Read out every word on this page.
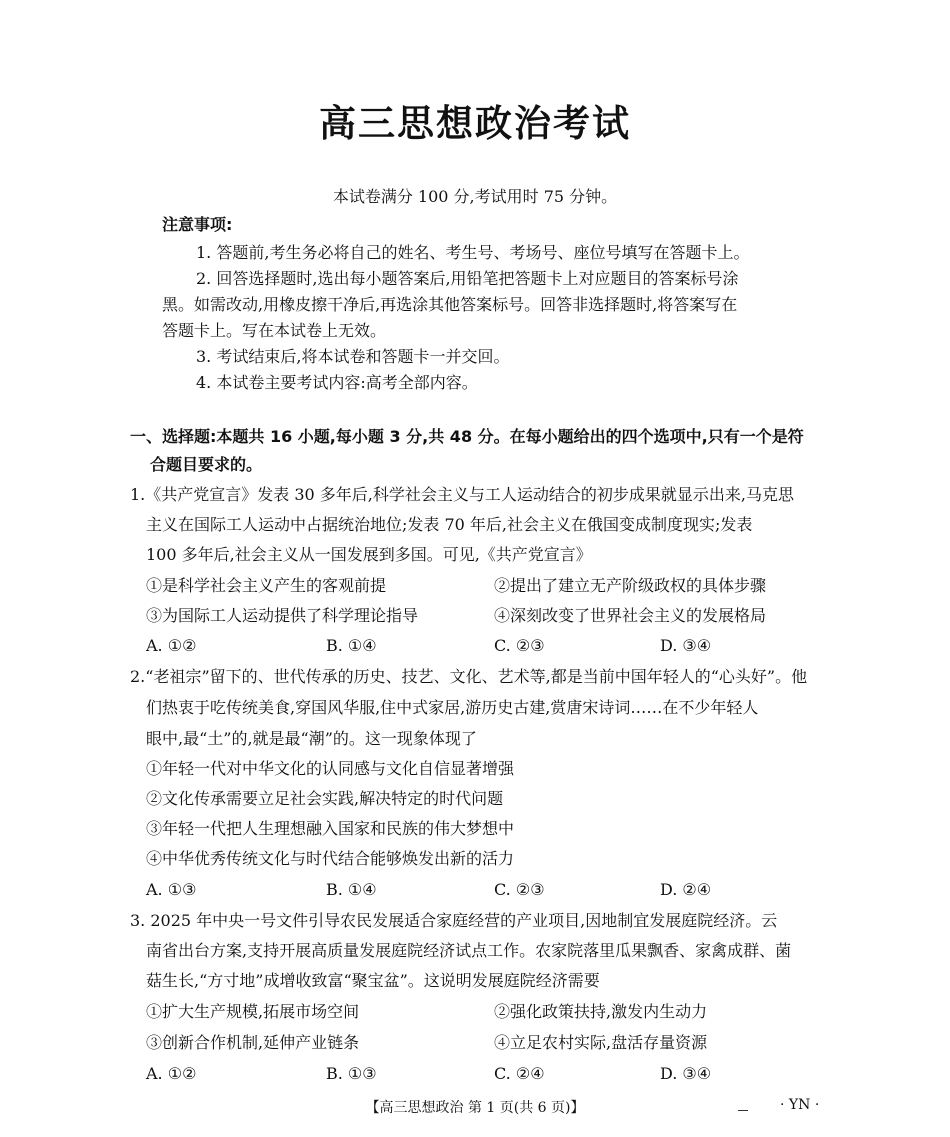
高三思想政治考试
本试卷满分 100 分,考试用时 75 分钟。
注意事项:
1. 答题前,考生务必将自己的姓名、考生号、考场号、座位号填写在答题卡上。
2. 回答选择题时,选出每小题答案后,用铅笔把答题卡上对应题目的答案标号涂
黑。如需改动,用橡皮擦干净后,再选涂其他答案标号。回答非选择题时,将答案写在
答题卡上。写在本试卷上无效。
3. 考试结束后,将本试卷和答题卡一并交回。
4. 本试卷主要考试内容:高考全部内容。
一、选择题:本题共 16 小题,每小题 3 分,共 48 分。在每小题给出的四个选项中,只有一个是符
合题目要求的。
1.《共产党宣言》发表 30 多年后,科学社会主义与工人运动结合的初步成果就显示出来,马克思
主义在国际工人运动中占据统治地位;发表 70 年后,社会主义在俄国变成制度现实;发表
100 多年后,社会主义从一国发展到多国。可见,《共产党宣言》
①是科学社会主义产生的客观前提	②提出了建立无产阶级政权的具体步骤
③为国际工人运动提供了科学理论指导	④深刻改变了世界社会主义的发展格局
A. ①②	B. ①④	C. ②③	D. ③④
2.“老祖宗”留下的、世代传承的历史、技艺、文化、艺术等,都是当前中国年轻人的“心头好”。他
们热衷于吃传统美食,穿国风华服,住中式家居,游历史古建,赏唐宋诗词……在不少年轻人
眼中,最“土”的,就是最“潮”的。这一现象体现了
①年轻一代对中华文化的认同感与文化自信显著增强
②文化传承需要立足社会实践,解决特定的时代问题
③年轻一代把人生理想融入国家和民族的伟大梦想中
④中华优秀传统文化与时代结合能够焕发出新的活力
A. ①③	B. ①④	C. ②③	D. ②④
3. 2025 年中央一号文件引导农民发展适合家庭经营的产业项目,因地制宜发展庭院经济。云
南省出台方案,支持开展高质量发展庭院经济试点工作。农家院落里瓜果飘香、家禽成群、菌
菇生长,“方寸地”成增收致富“聚宝盆”。这说明发展庭院经济需要
①扩大生产规模,拓展市场空间	②强化政策扶持,激发内生动力
③创新合作机制,延伸产业链条	④立足农村实际,盘活存量资源
A. ①②	B. ①③	C. ②④	D. ③④
【高三思想政治 第 1 页(共 6 页)】	· YN ·
